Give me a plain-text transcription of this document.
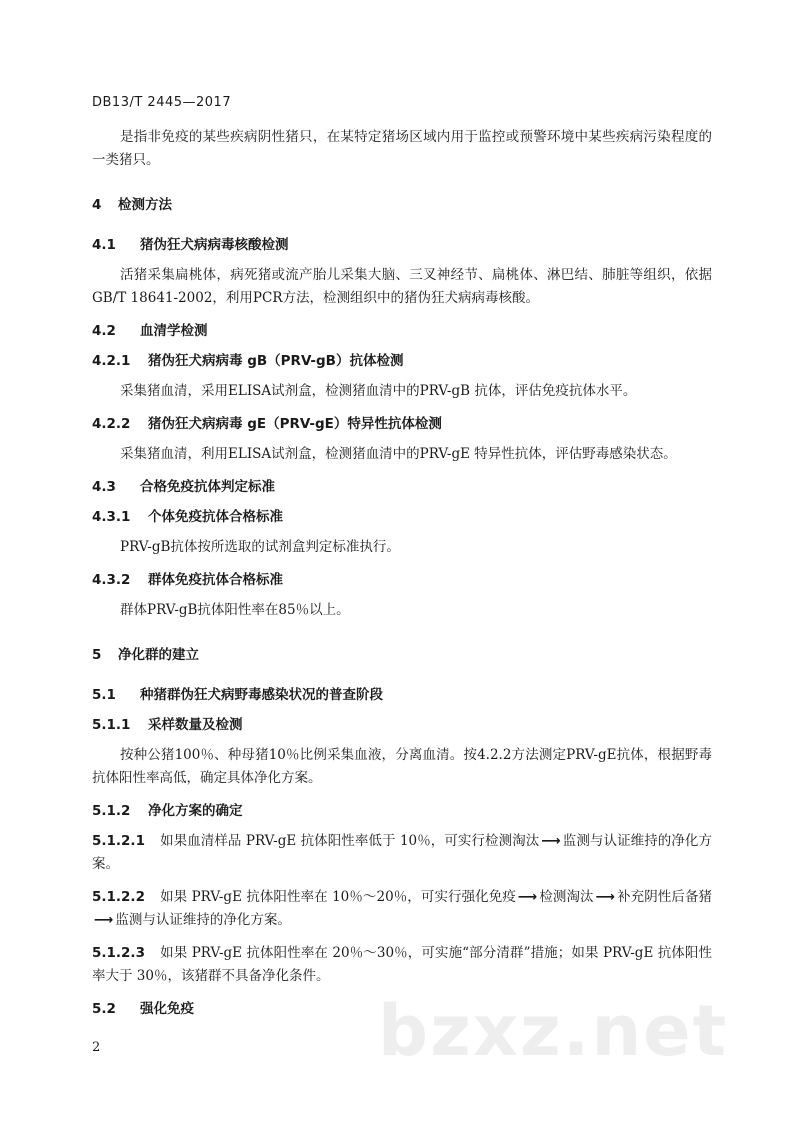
DB13/T 2445—2017

是指非免疫的某些疾病阴性猪只，在某特定猪场区域内用于监控或预警环境中某些疾病污染程度的一类猪只。

4 检测方法
4.1 猪伪狂犬病病毒核酸检测

活猪采集扁桃体，病死猪或流产胎儿采集大脑、三叉神经节、扁桃体、淋巴结、肺脏等组织，依据 GB/T 18641-2002，利用PCR方法，检测组织中的猪伪狂犬病病毒核酸。

4.2 血清学检测
4.2.1 猪伪狂犬病病毒 gB（PRV-gB）抗体检测

采集猪血清，采用ELISA试剂盒，检测猪血清中的PRV-gB 抗体，评估免疫抗体水平。

4.2.2 猪伪狂犬病病毒 gE（PRV-gE）特异性抗体检测

采集猪血清，利用ELISA试剂盒，检测猪血清中的PRV-gE 特异性抗体，评估野毒感染状态。

4.3 合格免疫抗体判定标准
4.3.1 个体免疫抗体合格标准

PRV-gB抗体按所选取的试剂盒判定标准执行。

4.3.2 群体免疫抗体合格标准

群体PRV-gB抗体阳性率在85％以上。

5 净化群的建立
5.1 种猪群伪狂犬病野毒感染状况的普查阶段
5.1.1 采样数量及检测

按种公猪100％、种母猪10％比例采集血液，分离血清。按4.2.2方法测定PRV-gE抗体，根据野毒抗体阳性率高低，确定具体净化方案。

5.1.2 净化方案的确定

5.1.2.1 如果血清样品 PRV-gE 抗体阳性率低于 10％，可实行检测淘汰 ⟶ 监测与认证维持的净化方案。

5.1.2.2 如果 PRV-gE 抗体阳性率在 10％～20％，可实行强化免疫 ⟶ 检测淘汰 ⟶ 补充阴性后备猪⟶ 监测与认证维持的净化方案。

5.1.2.3 如果 PRV-gE 抗体阳性率在 20％～30％，可实施“部分清群”措施；如果 PRV-gE 抗体阳性率大于 30％，该猪群不具备净化条件。

5.2 强化免疫	bzxz.net
2
